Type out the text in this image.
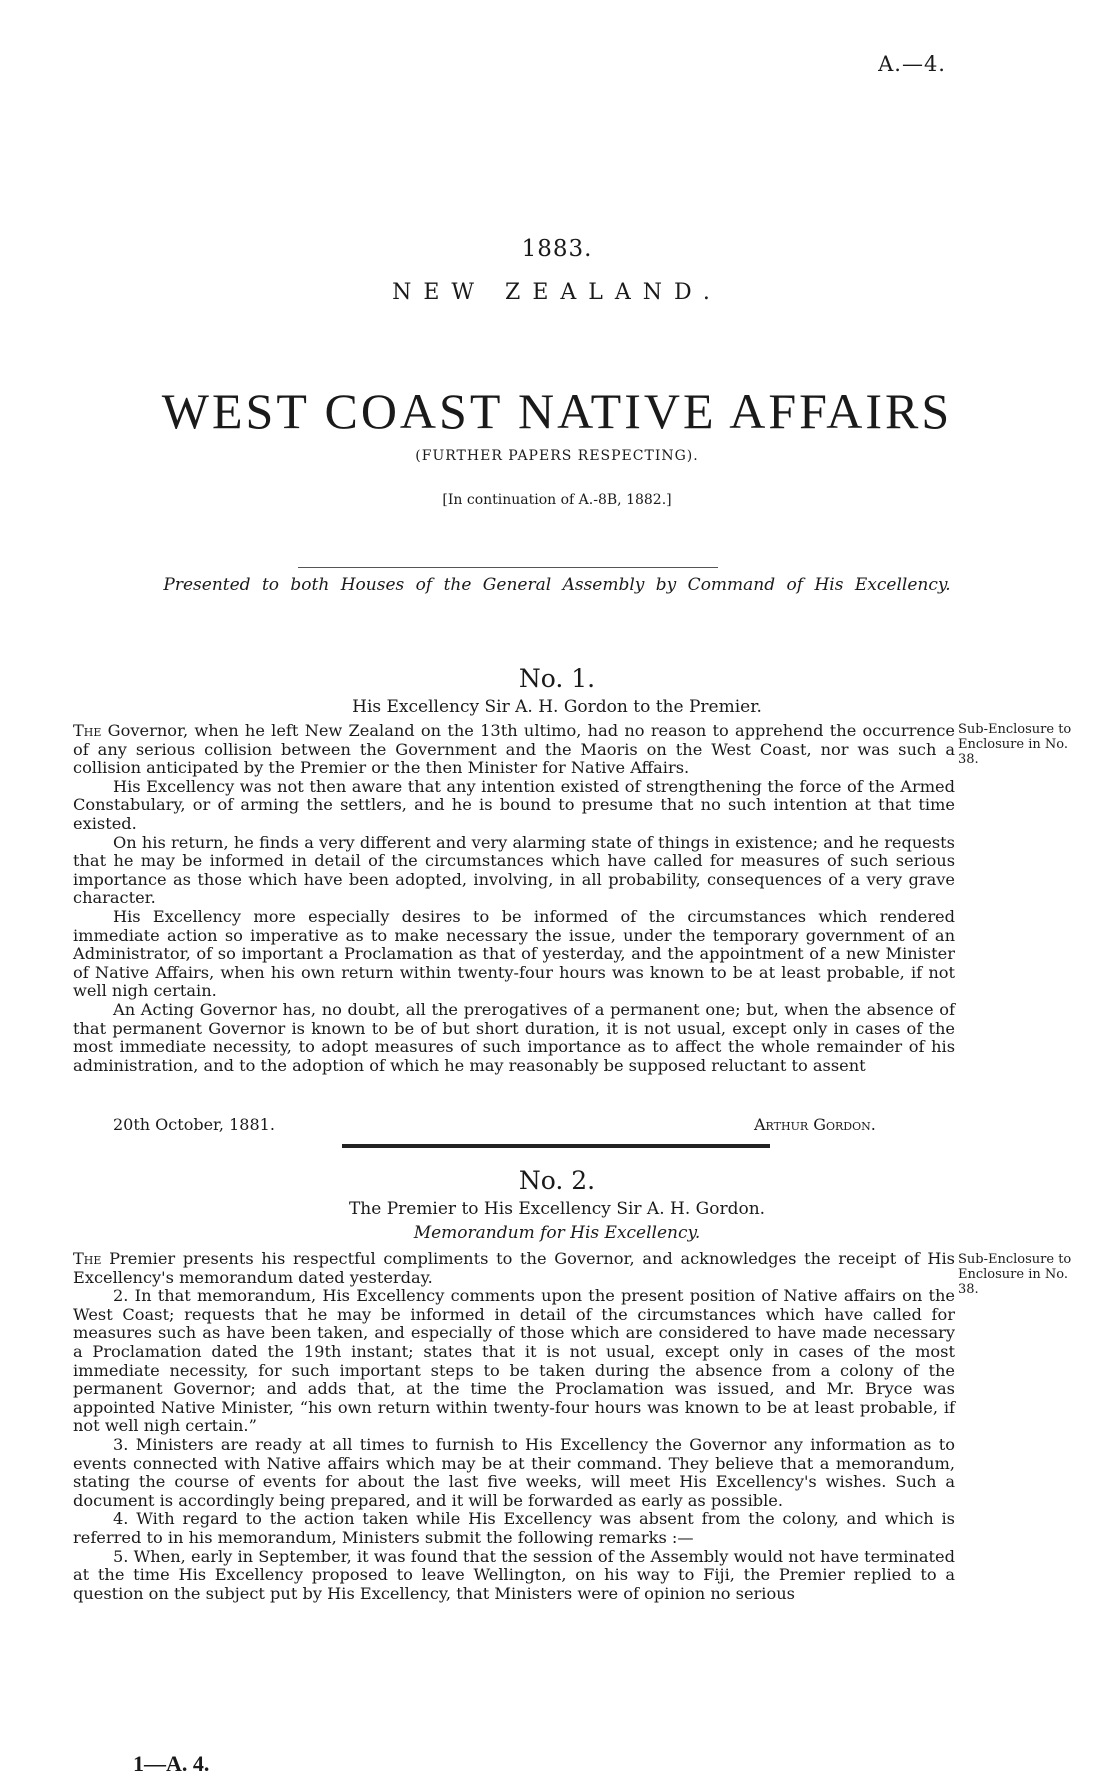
A.—4.
1883.
NEW ZEALAND.
WEST COAST NATIVE AFFAIRS
(FURTHER PAPERS RESPECTING).
[In continuation of A.-8B, 1882.]
Presented to both Houses of the General Assembly by Command of His Excellency.
No. 1.
His Excellency Sir A. H. Gordon to the Premier.

The Governor, when he left New Zealand on the 13th ultimo, had no reason to apprehend the occurrence of any serious collision between the Government and the Maoris on the West Coast, nor was such a collision anticipated by the Premier or the then Minister for Native Affairs.

His Excellency was not then aware that any intention existed of strengthening the force of the Armed Constabulary, or of arming the settlers, and he is bound to presume that no such intention at that time existed.

On his return, he finds a very different and very alarming state of things in existence; and he requests that he may be informed in detail of the circumstances which have called for measures of such serious importance as those which have been adopted, involving, in all probability, consequences of a very grave character.

His Excellency more especially desires to be informed of the circumstances which rendered immediate action so imperative as to make necessary the issue, under the temporary government of an Administrator, of so important a Proclamation as that of yesterday, and the appointment of a new Minister of Native Affairs, when his own return within twenty-four hours was known to be at least probable, if not well nigh certain.

An Acting Governor has, no doubt, all the prerogatives of a permanent one; but, when the absence of that permanent Governor is known to be of but short duration, it is not usual, except only in cases of the most immediate necessity, to adopt measures of such importance as to affect the whole remainder of his administration, and to the adoption of which he may reasonably be supposed reluctant to assent

Sub-Enclosure to Enclosure in No. 38.
20th October, 1881.	Arthur Gordon.
No. 2.
The Premier to His Excellency Sir A. H. Gordon.
Memorandum for His Excellency.

The Premier presents his respectful compliments to the Governor, and acknowledges the receipt of His Excellency's memorandum dated yesterday.

2. In that memorandum, His Excellency comments upon the present position of Native affairs on the West Coast; requests that he may be informed in detail of the circumstances which have called for measures such as have been taken, and especially of those which are considered to have made necessary a Proclamation dated the 19th instant; states that it is not usual, except only in cases of the most immediate necessity, for such important steps to be taken during the absence from a colony of the permanent Governor; and adds that, at the time the Proclamation was issued, and Mr. Bryce was appointed Native Minister, “his own return within twenty-four hours was known to be at least probable, if not well nigh certain.”

3. Ministers are ready at all times to furnish to His Excellency the Governor any information as to events connected with Native affairs which may be at their command. They believe that a memorandum, stating the course of events for about the last five weeks, will meet His Excellency's wishes. Such a document is accordingly being prepared, and it will be forwarded as early as possible.

4. With regard to the action taken while His Excellency was absent from the colony, and which is referred to in his memorandum, Ministers submit the following remarks :—

5. When, early in September, it was found that the session of the Assembly would not have terminated at the time His Excellency proposed to leave Wellington, on his way to Fiji, the Premier replied to a question on the subject put by His Excellency, that Ministers were of opinion no serious

Sub-Enclosure to Enclosure in No. 38.
1—A. 4.
